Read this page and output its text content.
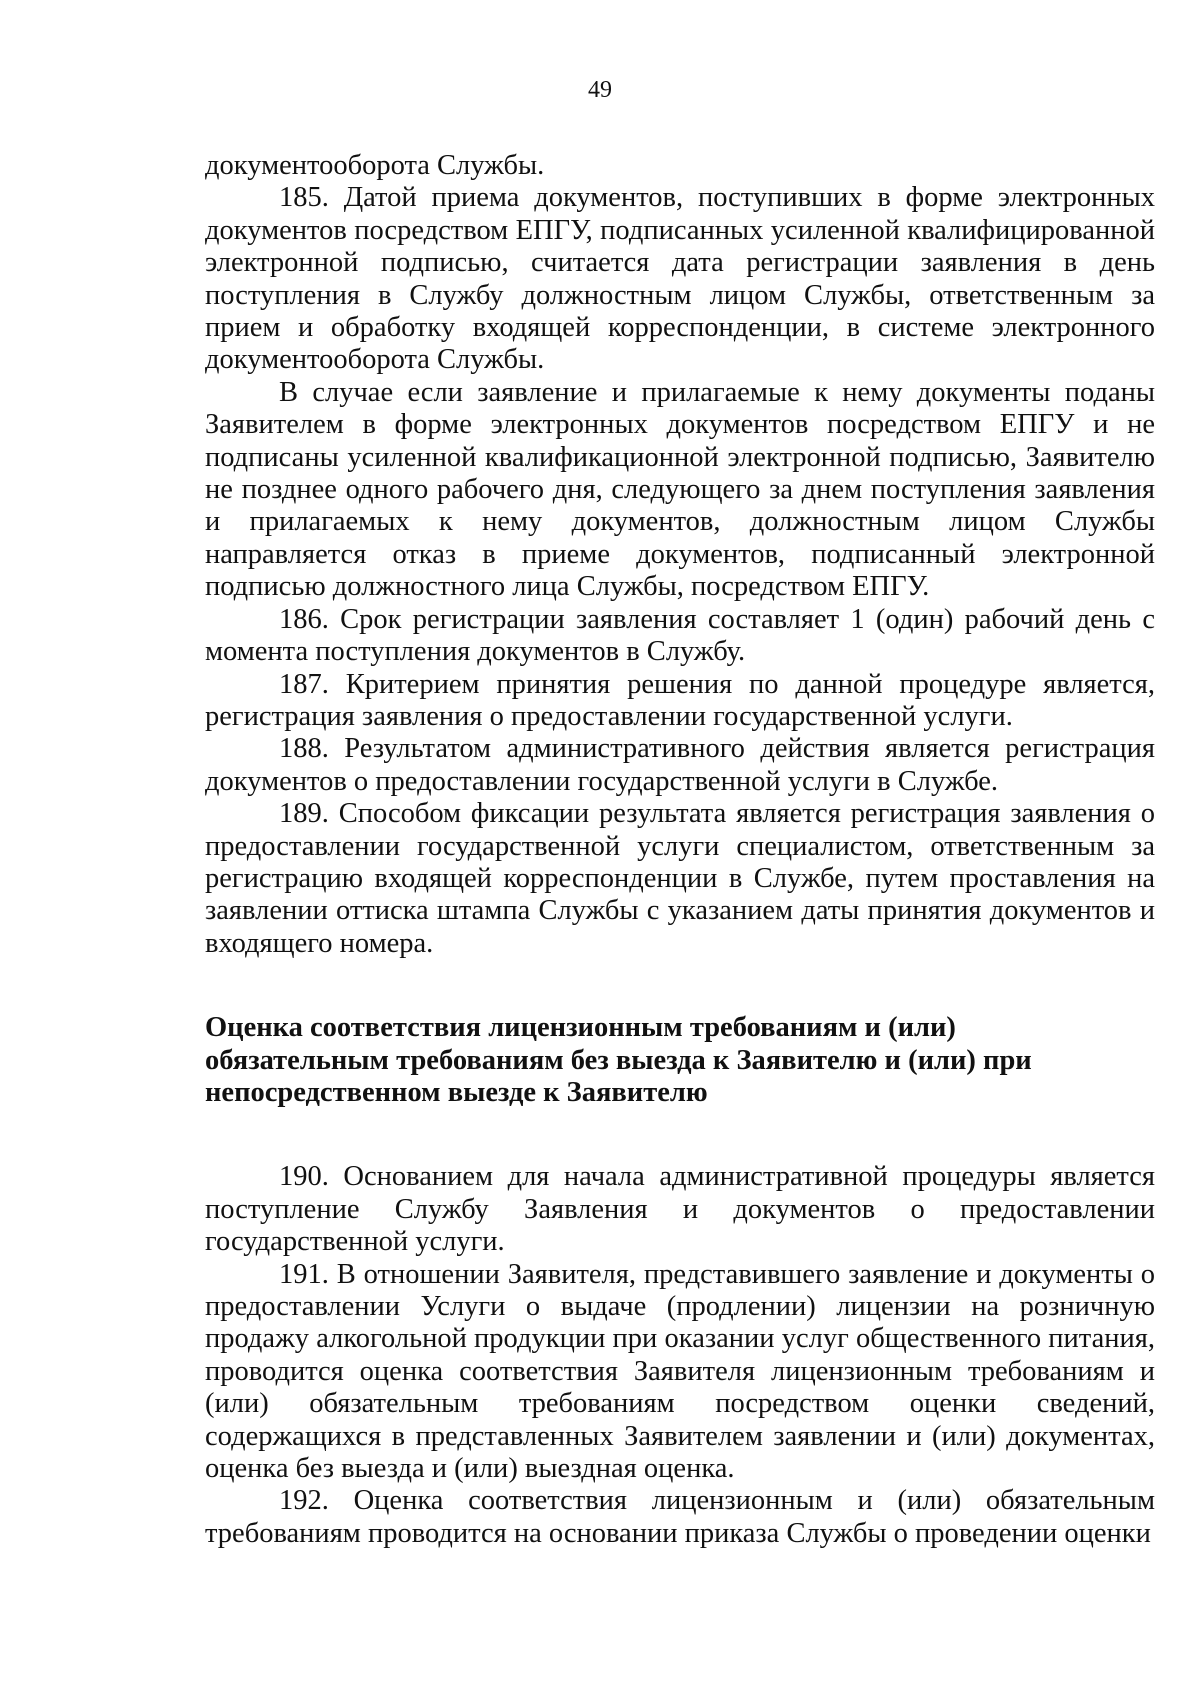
49

документооборота Службы.

185. Датой приема документов, поступивших в форме электронных документов посредством ЕПГУ, подписанных усиленной квалифицированной электронной подписью, считается дата регистрации заявления в день поступления в Службу должностным лицом Службы, ответственным за прием и обработку входящей корреспонденции, в системе электронного документооборота Службы.

В случае если заявление и прилагаемые к нему документы поданы Заявителем в форме электронных документов посредством ЕПГУ и не подписаны усиленной квалификационной электронной подписью, Заявителю не позднее одного рабочего дня, следующего за днем поступления заявления и прилагаемых к нему документов, должностным лицом Службы направляется отказ в приеме документов, подписанный электронной подписью должностного лица Службы, посредством ЕПГУ.

186. Срок регистрации заявления составляет 1 (один) рабочий день с момента поступления документов в Службу.

187. Критерием принятия решения по данной процедуре является, регистрация заявления о предоставлении государственной услуги.

188. Результатом административного действия является регистрация документов о предоставлении государственной услуги в Службе.

189. Способом фиксации результата является регистрация заявления о предоставлении государственной услуги специалистом, ответственным за регистрацию входящей корреспонденции в Службе, путем проставления на заявлении оттиска штампа Службы с указанием даты принятия документов и входящего номера.

Оценка соответствия лицензионным требованиям и (или)

обязательным требованиям без выезда к Заявителю и (или) при

непосредственном выезде к Заявителю

190. Основанием для начала административной процедуры является поступление Службу Заявления и документов о предоставлении государственной услуги.

191. В отношении Заявителя, представившего заявление и документы о предоставлении Услуги о выдаче (продлении) лицензии на розничную продажу алкогольной продукции при оказании услуг общественного питания, проводится оценка соответствия Заявителя лицензионным требованиям и (или) обязательным требованиям посредством оценки сведений, содержащихся в представленных Заявителем заявлении и (или) документах, оценка без выезда и (или) выездная оценка.

192. Оценка соответствия лицензионным и (или) обязательным требованиям проводится на основании приказа Службы о проведении оценки
